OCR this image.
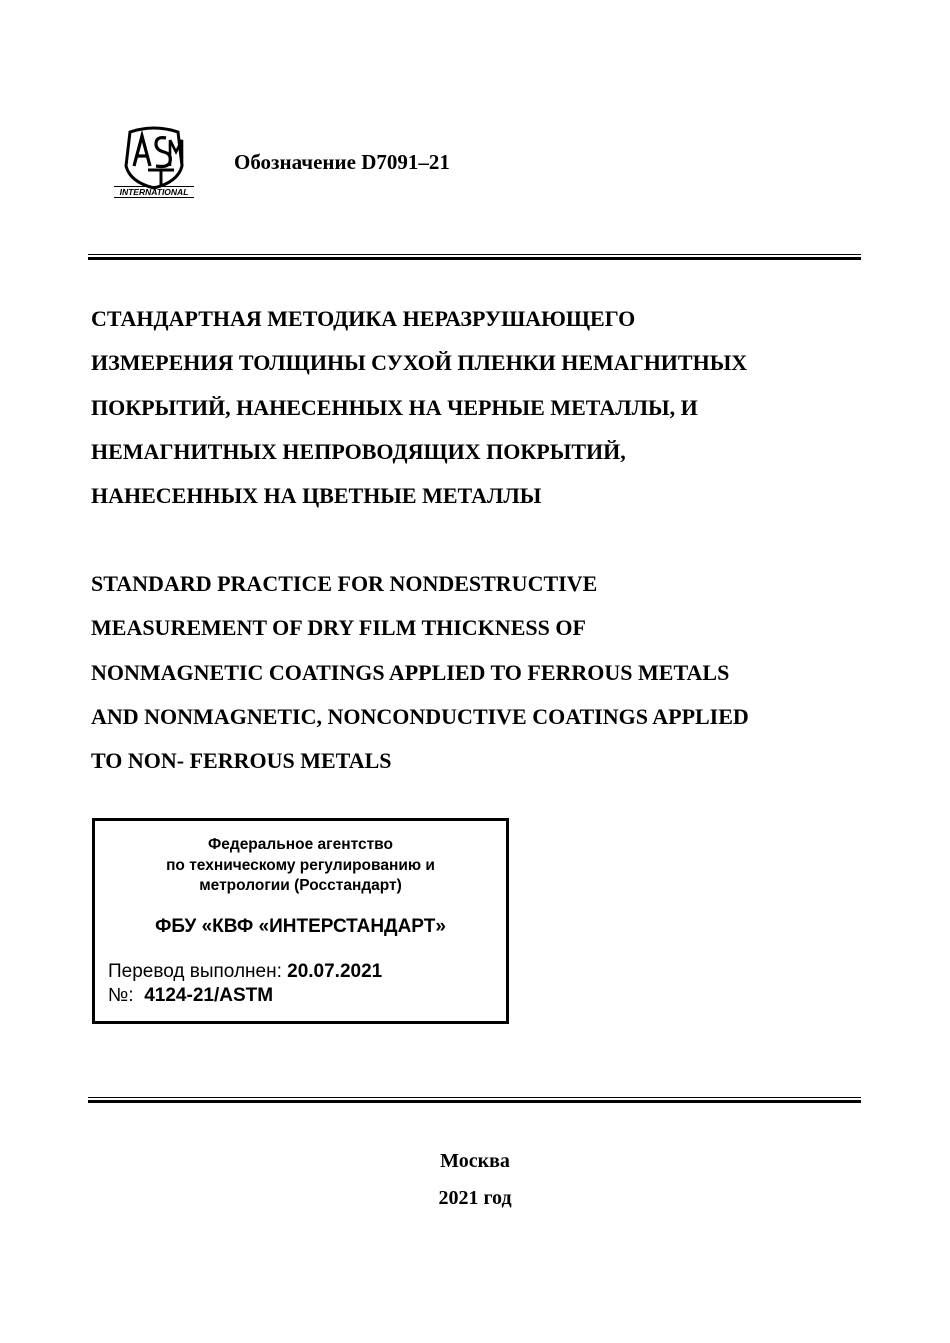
INTERNATIONAL
Обозначение D7091–21
СТАНДАРТНАЯ МЕТОДИКА НЕРАЗРУШАЮЩЕГО
ИЗМЕРЕНИЯ ТОЛЩИНЫ СУХОЙ ПЛЕНКИ НЕМАГНИТНЫХ
ПОКРЫТИЙ, НАНЕСЕННЫХ НА ЧЕРНЫЕ МЕТАЛЛЫ, И
НЕМАГНИТНЫХ НЕПРОВОДЯЩИХ ПОКРЫТИЙ,
НАНЕСЕННЫХ НА ЦВЕТНЫЕ МЕТАЛЛЫ
STANDARD PRACTICE FOR NONDESTRUCTIVE
MEASUREMENT OF DRY FILM THICKNESS OF
NONMAGNETIC COATINGS APPLIED TO FERROUS METALS
AND NONMAGNETIC, NONCONDUCTIVE COATINGS APPLIED
TO NON- FERROUS METALS
Федеральное агентство
по техническому регулированию и
метрологии (Росстандарт)
ФБУ «КВФ «ИНТЕРСТАНДАРТ»
Перевод выполнен: 20.07.2021
№: 4124-21/ASTM
Москва
2021 год
